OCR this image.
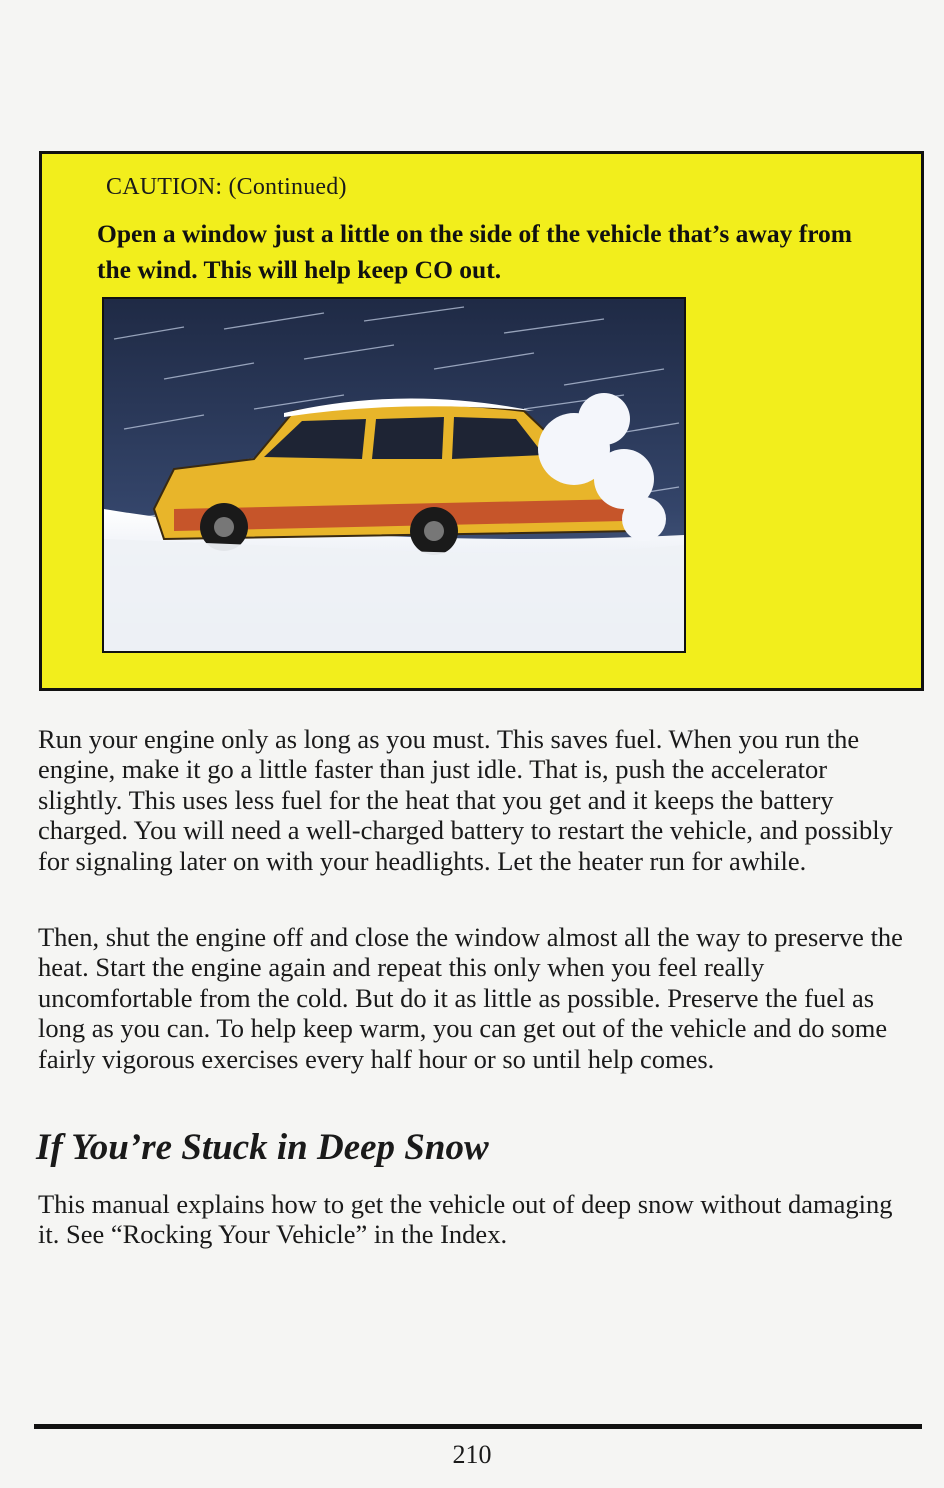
CAUTION: (Continued)
Open a window just a little on the side of the vehicle that’s away from the wind. This will help keep CO out.

Run your engine only as long as you must. This saves fuel. When you run the engine, make it go a little faster than just idle. That is, push the accelerator slightly. This uses less fuel for the heat that you get and it keeps the battery charged. You will need a well-charged battery to restart the vehicle, and possibly for signaling later on with your headlights. Let the heater run for awhile.

Then, shut the engine off and close the window almost all the way to preserve the heat. Start the engine again and repeat this only when you feel really uncomfortable from the cold. But do it as little as possible. Preserve the fuel as long as you can. To help keep warm, you can get out of the vehicle and do some fairly vigorous exercises every half hour or so until help comes.

If You’re Stuck in Deep Snow

This manual explains how to get the vehicle out of deep snow without damaging it. See “Rocking Your Vehicle” in the Index.

210
